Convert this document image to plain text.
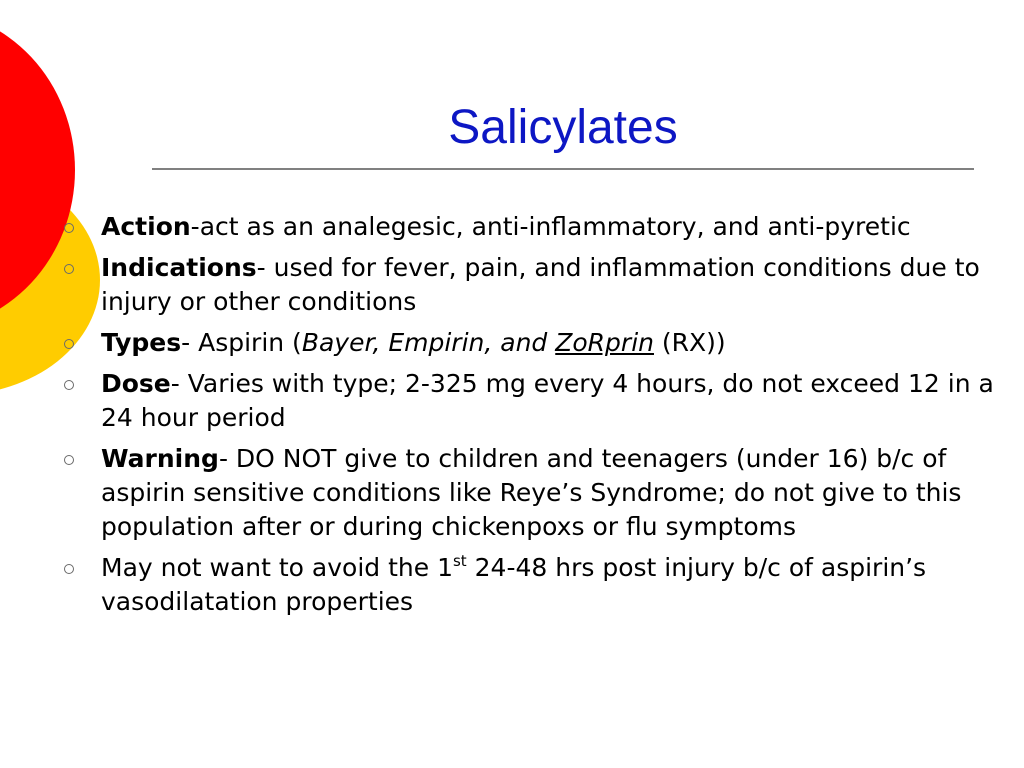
Salicylates
Action-act as an analegesic, anti-inflammatory, and anti-pyretic
Indications- used for fever, pain, and inflammation conditions due to injury or other conditions
Types- Aspirin (Bayer, Empirin, and ZoRprin (RX))
Dose- Varies with type; 2-325 mg every 4 hours, do not exceed 12 in a 24 hour period
Warning- DO NOT give to children and teenagers (under 16) b/c of aspirin sensitive conditions like Reye’s Syndrome; do not give to this population after or during chickenpoxs or flu symptoms
May not want to avoid the 1st 24-48 hrs post injury b/c of aspirin’s vasodilatation properties
